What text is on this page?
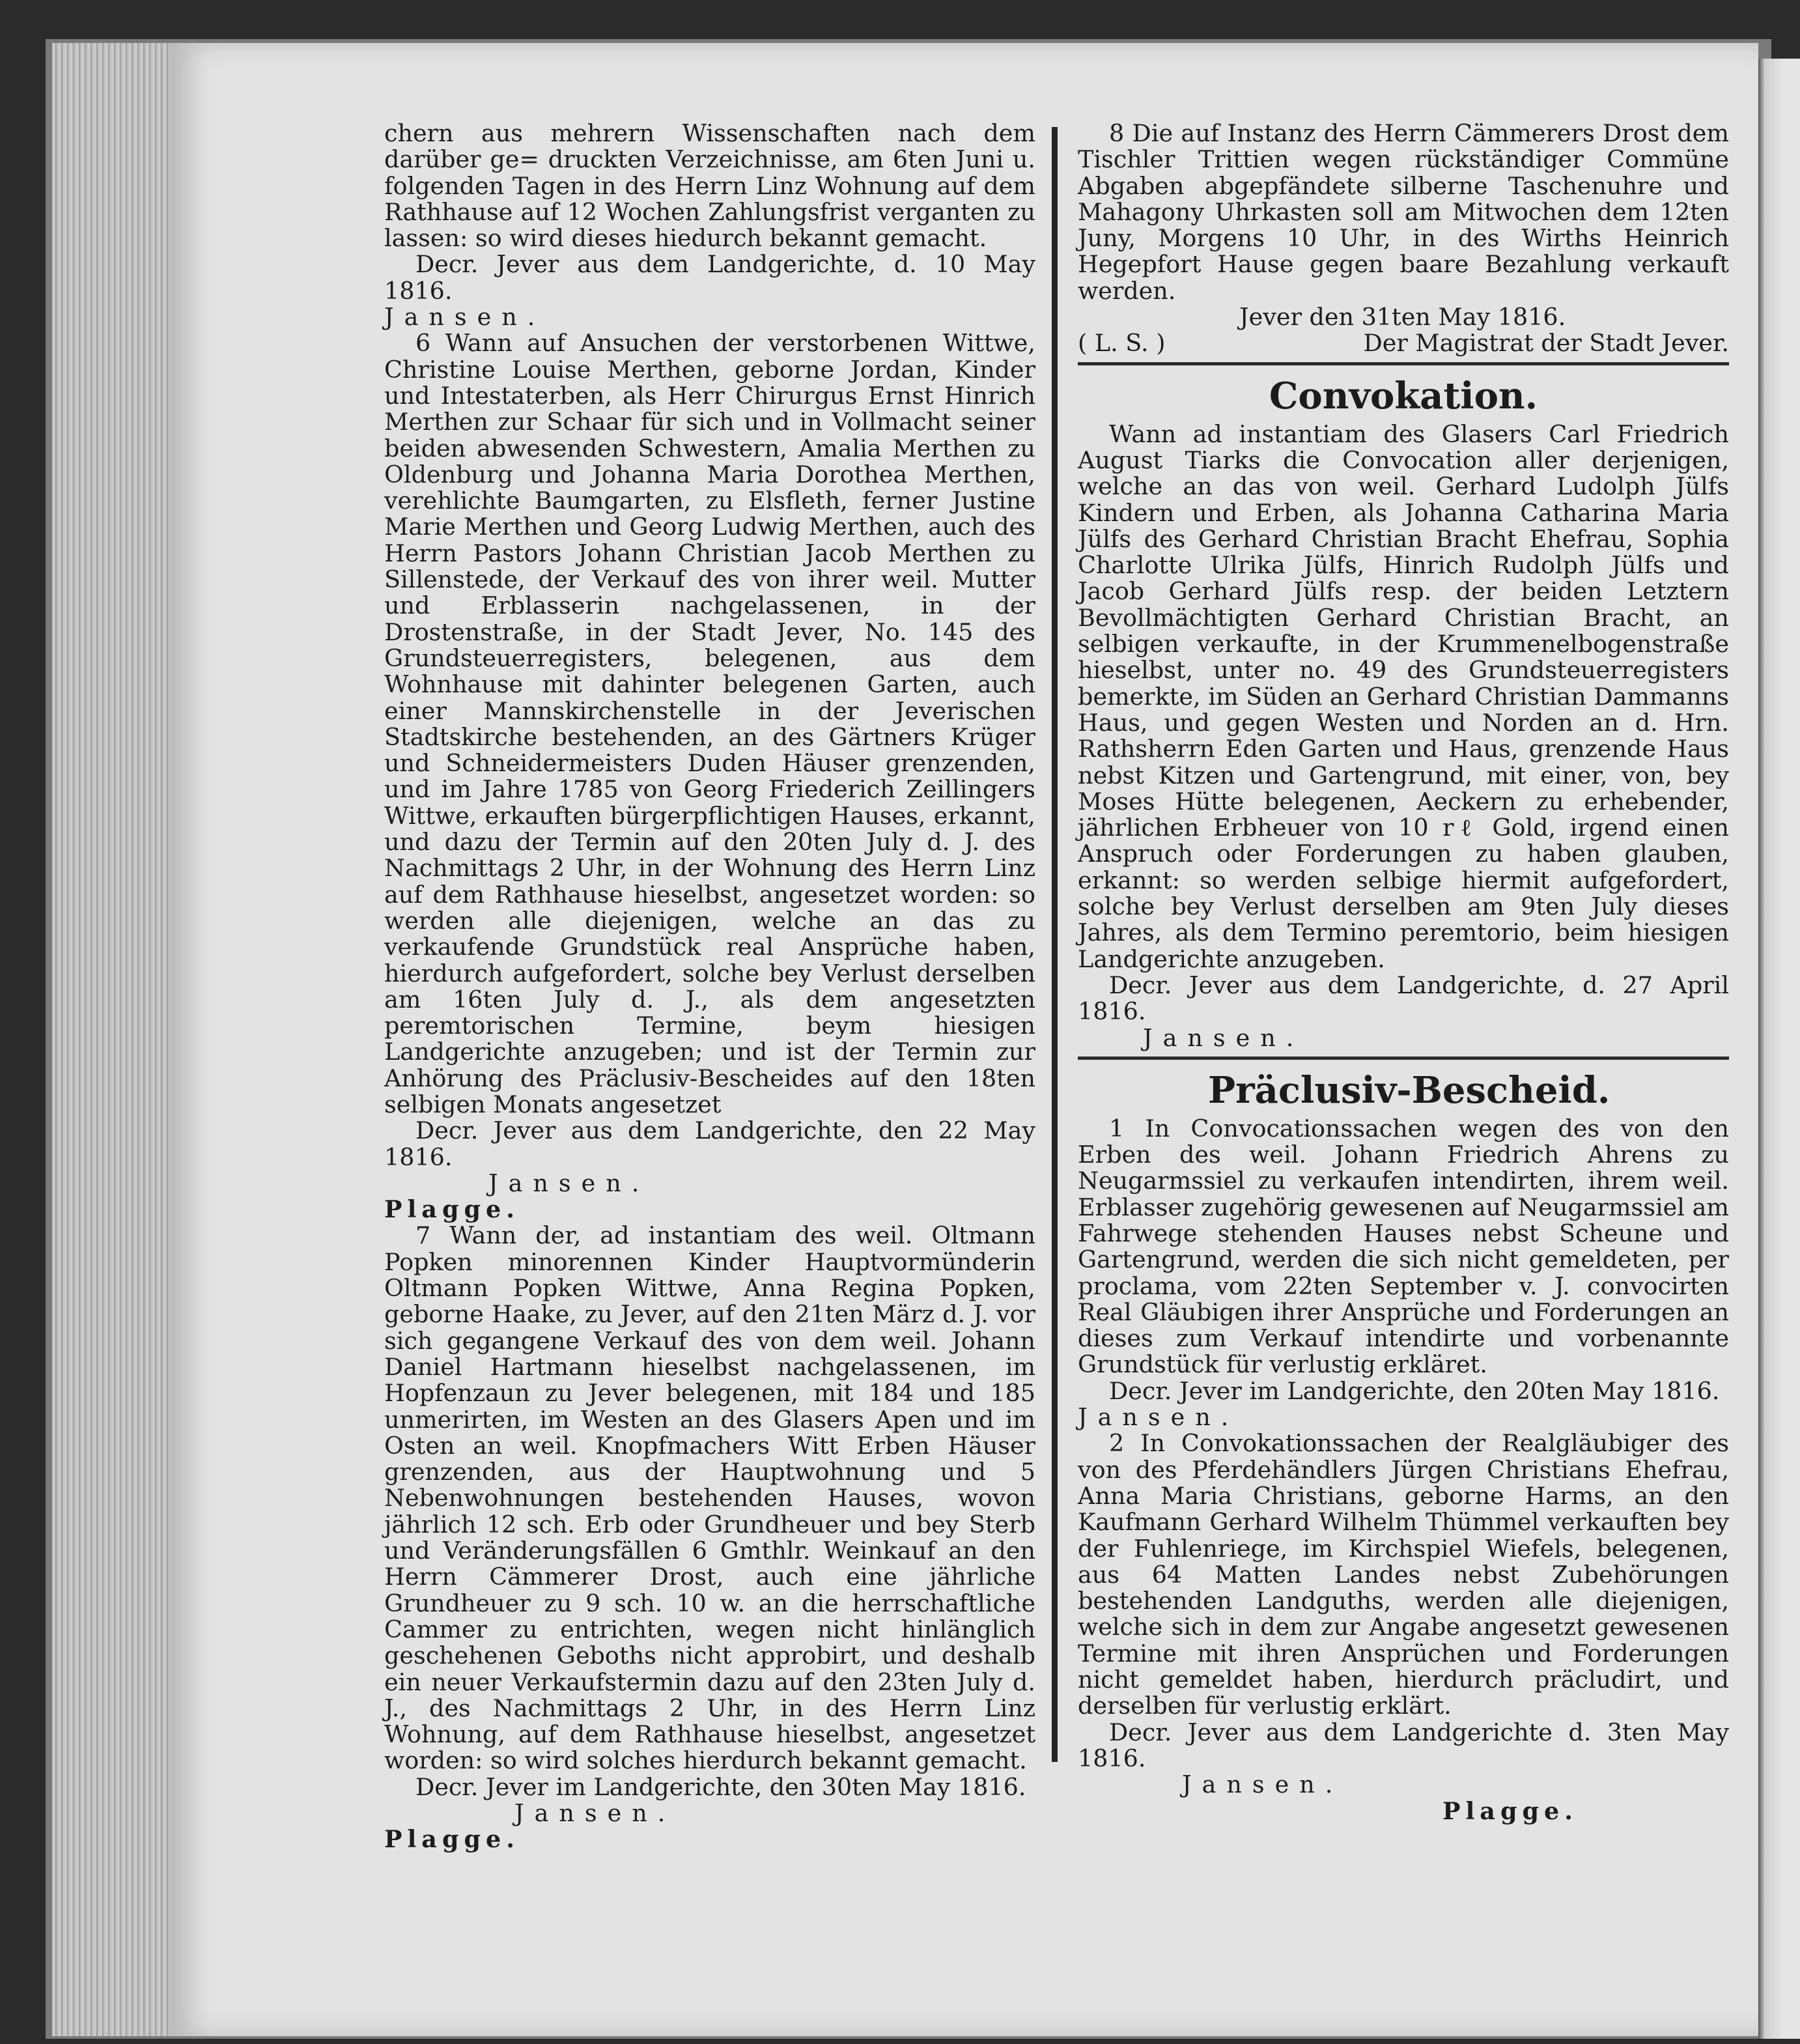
chern aus mehrern Wissenschaften nach dem darüber ge= druckten Verzeichnisse, am 6ten Juni u. folgenden Tagen in des Herrn Linz Wohnung auf dem Rathhause auf 12 Wochen Zahlungsfrist verganten zu lassen: so wird dieses hiedurch bekannt gemacht.

Decr. Jever aus dem Landgerichte, d. 10 May 1816.

Jansen.

6 Wann auf Ansuchen der verstorbenen Wittwe, Christine Louise Merthen, geborne Jordan, Kinder und Intestaterben, als Herr Chirurgus Ernst Hinrich Merthen zur Schaar für sich und in Vollmacht seiner beiden abwesenden Schwestern, Amalia Merthen zu Oldenburg und Johanna Maria Dorothea Merthen, verehlichte Baumgarten, zu Elsfleth, ferner Justine Marie Merthen und Georg Ludwig Merthen, auch des Herrn Pastors Johann Christian Jacob Merthen zu Sillenstede, der Verkauf des von ihrer weil. Mutter und Erblasserin nachgelassenen, in der Drostenstraße, in der Stadt Jever, No. 145 des Grundsteuerregisters, belegenen, aus dem Wohnhause mit dahinter belegenen Garten, auch einer Mannskirchenstelle in der Jeverischen Stadtskirche bestehenden, an des Gärtners Krüger und Schneidermeisters Duden Häuser grenzenden, und im Jahre 1785 von Georg Friederich Zeillingers Wittwe, erkauften bürgerpflichtigen Hauses, erkannt, und dazu der Termin auf den 20ten July d. J. des Nachmittags 2 Uhr, in der Wohnung des Herrn Linz auf dem Rathhause hieselbst, angesetzet worden: so werden alle diejenigen, welche an das zu verkaufende Grundstück real Ansprüche haben, hierdurch aufgefordert, solche bey Verlust derselben am 16ten July d. J., als dem angesetzten peremtorischen Termine, beym hiesigen Landgerichte anzugeben; und ist der Termin zur Anhörung des Präclusiv-Bescheides auf den 18ten selbigen Monats angesetzet

Decr. Jever aus dem Landgerichte, den 22 May 1816.

Jansen.

Plagge.

7 Wann der, ad instantiam des weil. Oltmann Popken minorennen Kinder Hauptvormünderin Oltmann Popken Wittwe, Anna Regina Popken, geborne Haake, zu Jever, auf den 21ten März d. J. vor sich gegangene Verkauf des von dem weil. Johann Daniel Hartmann hieselbst nachgelassenen, im Hopfenzaun zu Jever belegenen, mit 184 und 185 unmerirten, im Westen an des Glasers Apen und im Osten an weil. Knopfmachers Witt Erben Häuser grenzenden, aus der Hauptwohnung und 5 Nebenwohnungen bestehenden Hauses, wovon jährlich 12 sch. Erb oder Grundheuer und bey Sterb und Veränderungsfällen 6 Gmthlr. Weinkauf an den Herrn Cämmerer Drost, auch eine jährliche Grundheuer zu 9 sch. 10 w. an die herrschaftliche Cammer zu entrichten, wegen nicht hinlänglich geschehenen Geboths nicht approbirt, und deshalb ein neuer Verkaufstermin dazu auf den 23ten July d. J., des Nachmittags 2 Uhr, in des Herrn Linz Wohnung, auf dem Rathhause hieselbst, angesetzet worden: so wird solches hierdurch bekannt gemacht.

Decr. Jever im Landgerichte, den 30ten May 1816.

Jansen.

Plagge.

8 Die auf Instanz des Herrn Cämmerers Drost dem Tischler Trittien wegen rückständiger Commüne Abgaben abgepfändete silberne Taschenuhre und Mahagony Uhrkasten soll am Mitwochen dem 12ten Juny, Morgens 10 Uhr, in des Wirths Heinrich Hegepfort Hause gegen baare Bezahlung verkauft werden.

Jever den 31ten May 1816.

( L. S. )	Der Magistrat der Stadt Jever.
Convokation.

Wann ad instantiam des Glasers Carl Friedrich August Tiarks die Convocation aller derjenigen, welche an das von weil. Gerhard Ludolph Jülfs Kindern und Erben, als Johanna Catharina Maria Jülfs des Gerhard Christian Bracht Ehefrau, Sophia Charlotte Ulrika Jülfs, Hinrich Rudolph Jülfs und Jacob Gerhard Jülfs resp. der beiden Letztern Bevollmächtigten Gerhard Christian Bracht, an selbigen verkaufte, in der Krummenelbogenstraße hieselbst, unter no. 49 des Grundsteuerregisters bemerkte, im Süden an Gerhard Christian Dammanns Haus, und gegen Westen und Norden an d. Hrn. Rathsherrn Eden Garten und Haus, grenzende Haus nebst Kitzen und Gartengrund, mit einer, von, bey Moses Hütte belegenen, Aeckern zu erhebender, jährlichen Erbheuer von 10 rℓ Gold, irgend einen Anspruch oder Forderungen zu haben glauben, erkannt: so werden selbige hiermit aufgefordert, solche bey Verlust derselben am 9ten July dieses Jahres, als dem Termino peremtorio, beim hiesigen Landgerichte anzugeben.

Decr. Jever aus dem Landgerichte, d. 27 April 1816.

Jansen.

Präclusiv-Bescheid.

1 In Convocationssachen wegen des von den Erben des weil. Johann Friedrich Ahrens zu Neugarmssiel zu verkaufen intendirten, ihrem weil. Erblasser zugehörig gewesenen auf Neugarmssiel am Fahrwege stehenden Hauses nebst Scheune und Gartengrund, werden die sich nicht gemeldeten, per proclama, vom 22ten September v. J. convocirten Real Gläubigen ihrer Ansprüche und Forderungen an dieses zum Verkauf intendirte und vorbenannte Grundstück für verlustig erkläret.

Decr. Jever im Landgerichte, den 20ten May 1816.

Jansen.

2 In Convokationssachen der Realgläubiger des von des Pferdehändlers Jürgen Christians Ehefrau, Anna Maria Christians, geborne Harms, an den Kaufmann Gerhard Wilhelm Thümmel verkauften bey der Fuhlenriege, im Kirchspiel Wiefels, belegenen, aus 64 Matten Landes nebst Zubehörungen bestehenden Landguths, werden alle diejenigen, welche sich in dem zur Angabe angesetzt gewesenen Termine mit ihren Ansprüchen und Forderungen nicht gemeldet haben, hierdurch präcludirt, und derselben für verlustig erklärt.

Decr. Jever aus dem Landgerichte d. 3ten May 1816.

Jansen.

Plagge.
